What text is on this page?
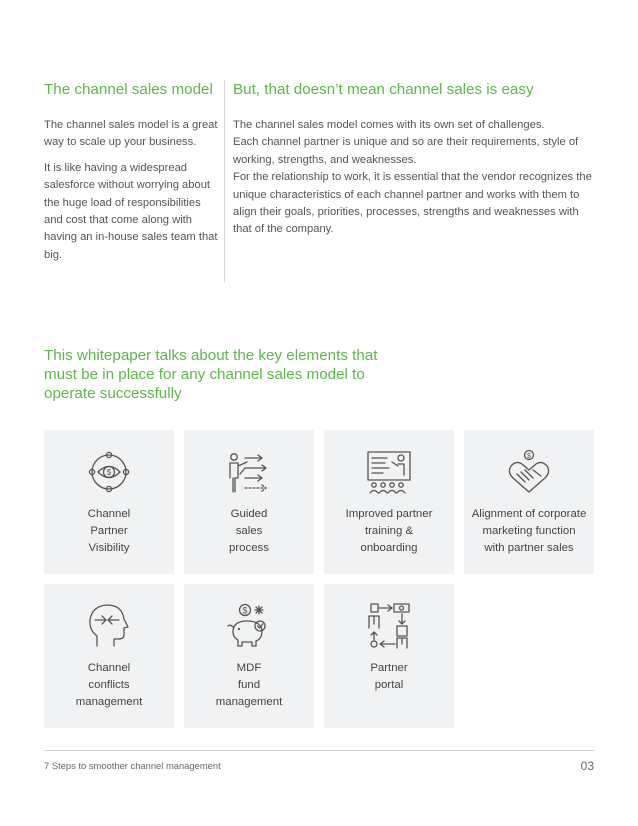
The channel sales model

The channel sales model is a great way to scale up your business.

It is like having a widespread salesforce without worrying about the huge load of responsibilities and cost that come along with having an in-house sales team that big.

But, that doesn’t mean channel sales is easy

The channel sales model comes with its own set of challenges.

Each channel partner is unique and so are their requirements, style of working, strengths, and weaknesses.

For the relationship to work, it is essential that the vendor recognizes the unique characteristics of each channel partner and works with them to align their goals, priorities, processes, strengths and weaknesses with that of the company.

This whitepaper talks about the key elements that must be in place for any channel sales model to operate successfully

$
Channel
Partner
Visibility
Guided
sales
process
Improved partner
training &
onboarding
$
Alignment of corporate
marketing function
with partner sales
Channel
conflicts
management
$
MDF
fund
management
Partner
portal
7 Steps to smoother channel management	03
